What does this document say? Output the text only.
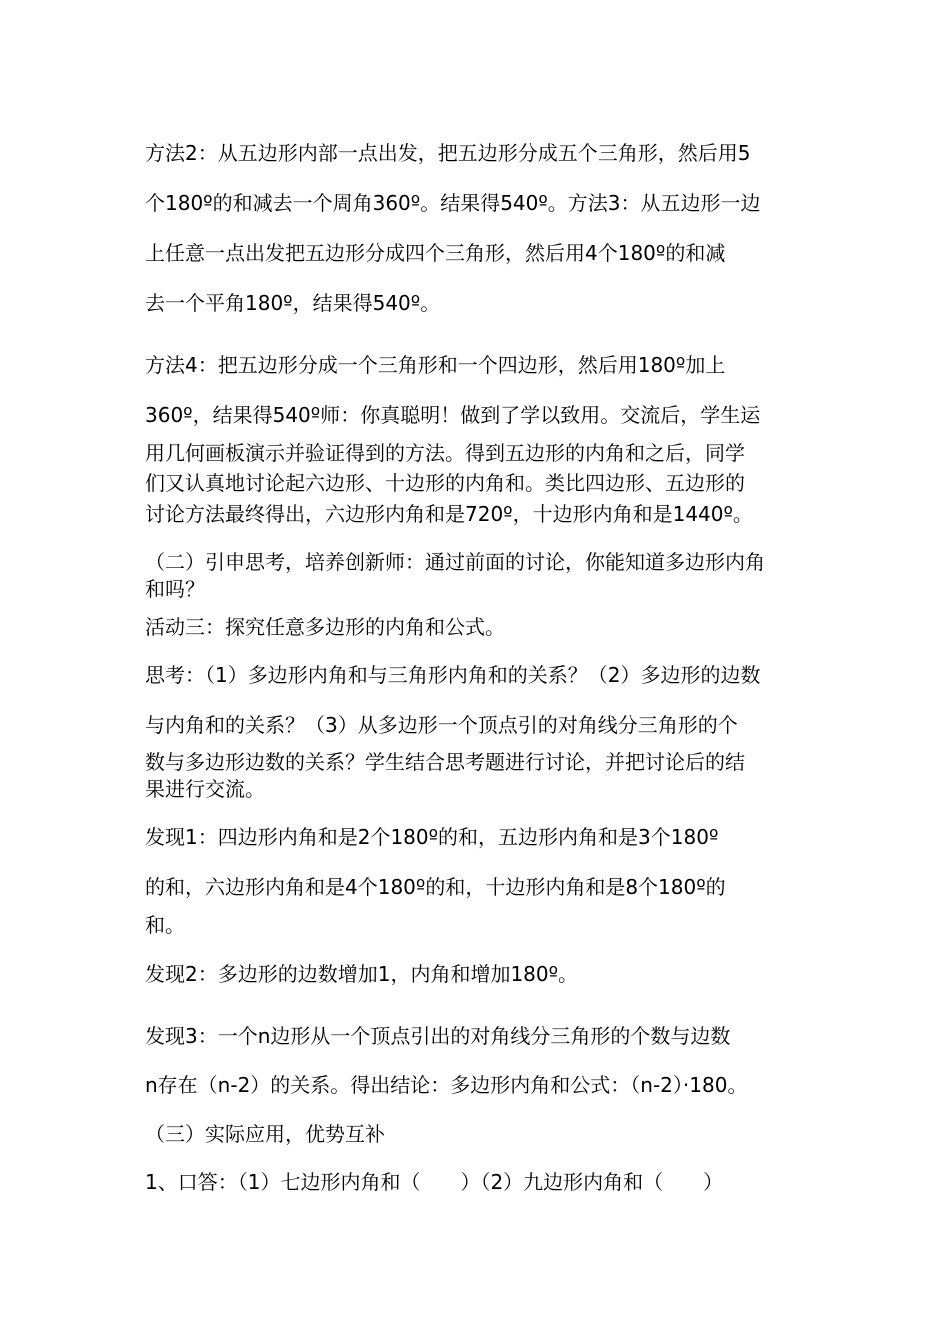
方法2：从五边形内部一点出发，把五边形分成五个三角形，然后用5
个180º的和减去一个周角360º。结果得540º。方法3：从五边形一边
上任意一点出发把五边形分成四个三角形，然后用4个180º的和减
去一个平角180º，结果得540º。
方法4：把五边形分成一个三角形和一个四边形，然后用180º加上
360º，结果得540º师：你真聪明！做到了学以致用。交流后，学生运
用几何画板演示并验证得到的方法。得到五边形的内角和之后，同学
们又认真地讨论起六边形、十边形的内角和。类比四边形、五边形的
讨论方法最终得出，六边形内角和是720º，十边形内角和是1440º。
（二）引申思考，培养创新师：通过前面的讨论，你能知道多边形内角
和吗？
活动三：探究任意多边形的内角和公式。
思考：（1）多边形内角和与三角形内角和的关系？（2）多边形的边数
与内角和的关系？（3）从多边形一个顶点引的对角线分三角形的个
数与多边形边数的关系？学生结合思考题进行讨论，并把讨论后的结
果进行交流。
发现1：四边形内角和是2个180º的和，五边形内角和是3个180º
的和，六边形内角和是4个180º的和，十边形内角和是8个180º的
和。
发现2：多边形的边数增加1，内角和增加180º。
发现3：一个n边形从一个顶点引出的对角线分三角形的个数与边数
n存在（n-2）的关系。得出结论：多边形内角和公式：（n-2）·180。
（三）实际应用，优势互补
1、口答：（1）七边形内角和（　　）（2）九边形内角和（　　）
